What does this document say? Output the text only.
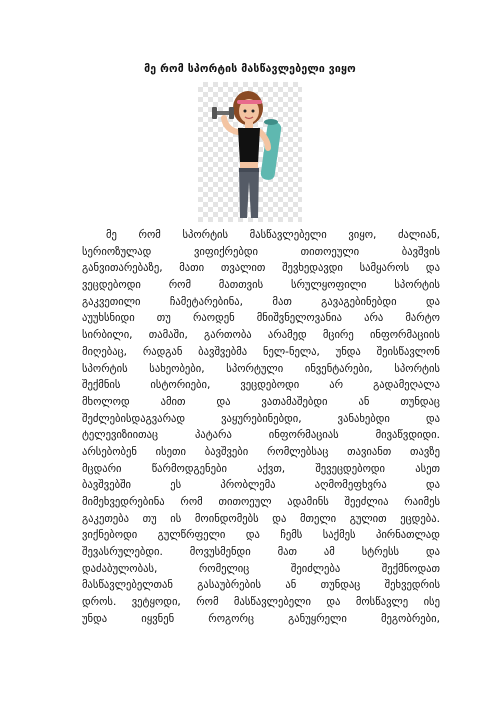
მე რომ სპორტის მასწავლებელი ვიყო
მე რომ სპორტის მასწავლებელი ვიყო, ძალიან,
სერიოზულად	ვიფიქრებდი	თითოეული	ბავშვის
განვითარებაზე, მათი თვალით შევხედავდი სამყაროს და
ვეცდებოდი	რომ	მათთვის	სრულყოფილი	სპორტის
გაკვეთილი	ჩამეტარებინა,	მათ	გავაგებინებდი	და
აუუხსნიდი თუ რაოდენ მნიშვნელოვანია არა მარტო
სირბილი, თამაში, გართობა არამედ მცირე ინფორმაციის
მიღებაც, რადგან ბავშვებმა ნელ-ნელა, უნდა შეისწავლონ
სპორტის სახეობები, სპორტული ინვენტარები, სპორტის
შექმნის	ისტორიები,	ვეცდებოდი	არ	გადამეღალა
მხოლოდ	ამით	და	ვათამაშებდი	ან	თუნდაც
შეძლებისდაგვარად	ვაყურებინებდი,	ვანახებდი	და
ტელევიზიითაც	პატარა	ინფორმაციას	მივაწვდიდი.
არსებობენ ისეთი ბავშვები რომლებსაც თავიანთ თავზე
მცდარი	წარმოდგენები	აქვთ,	შევეცდებოდი	ასეთ
ბავშვებში	ეს	პრობლემა	აღმომეფხვრა	და
მიმეხვედრებინა რომ თითოეულ ადამინს შეეძლია რაიმეს
გაკეთება თუ ის მოინდომებს და მთელი გულით ეცდება.
ვიქნებოდი გულწრფელი და ჩემს საქმეს პირნათლად
შევასრულებდი.	მოვუსმენდი	მათ	ამ	სტრესს	და
დაძაბულობას,	რომელიც	შეიძლება	შექმნოდათ
მასწავლებელთან გასაუბრების ან თუნდაც შეხვედრის
დროს. ვეტყოდი, რომ მასწავლებელი და მოსწავლე ისე
უნდა	იყვნენ	როგორც	განუყრელი	მეგობრები,
